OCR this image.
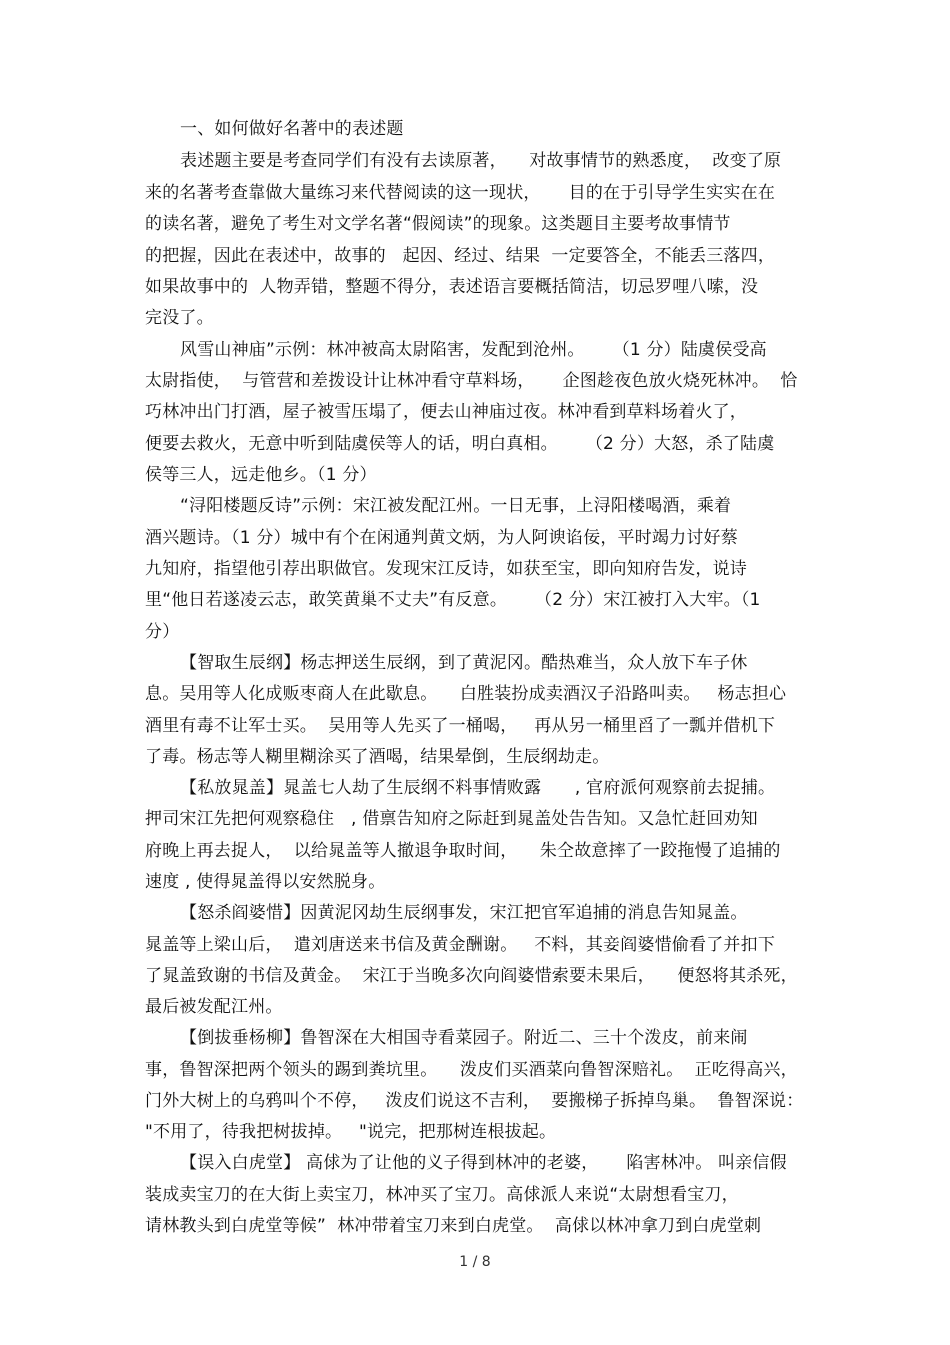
一、如何做好名著中的表述题
表述题主要是考查同学们有没有去读原著，    对故事情节的熟悉度，  改变了原
来的名著考查靠做大量练习来代替阅读的这一现状，     目的在于引导学生实实在在
的读名著，避免了考生对文学名著“假阅读”的现象。这类题目主要考故事情节
的把握，因此在表述中，故事的   起因、经过、结果  一定要答全，不能丢三落四，
如果故事中的  人物弄错，整题不得分，表述语言要概括简洁，切忌罗哩八嗦，没
完没了。
风雪山神庙”示例：林冲被高太尉陷害，发配到沧州。     （1 分）陆虞侯受高
太尉指使，  与管营和差拨设计让林冲看守草料场，     企图趁夜色放火烧死林冲。  恰
巧林冲出门打酒，屋子被雪压塌了，便去山神庙过夜。林冲看到草料场着火了，
便要去救火，无意中听到陆虞侯等人的话，明白真相。     （2 分）大怒，杀了陆虞
侯等三人，远走他乡。（1 分）
“浔阳楼题反诗”示例：宋江被发配江州。一日无事，上浔阳楼喝酒，乘着
酒兴题诗。（1 分）城中有个在闲通判黄文炳，为人阿谀谄佞，平时竭力讨好蔡
九知府，指望他引荐出职做官。发现宋江反诗，如获至宝，即向知府告发，说诗
里“他日若遂凌云志，敢笑黄巢不丈夫”有反意。     （2 分）宋江被打入大牢。（1
分）
【智取生辰纲】杨志押送生辰纲，到了黄泥冈。酷热难当，众人放下车子休
息。吴用等人化成贩枣商人在此歇息。    白胜装扮成卖酒汉子沿路叫卖。   杨志担心
酒里有毒不让军士买。  吴用等人先买了一桶喝，   再从另一桶里舀了一瓢并借机下
了毒。杨志等人糊里糊涂买了酒喝，结果晕倒，生辰纲劫走。
【私放晁盖】晁盖七人劫了生辰纲不料事情败露      , 官府派何观察前去捉捕。
押司宋江先把何观察稳住   , 借禀告知府之际赶到晁盖处告告知。又急忙赶回劝知
府晚上再去捉人，  以给晁盖等人撤退争取时间，    朱仝故意摔了一跤拖慢了追捕的
速度 , 使得晁盖得以安然脱身。
【怒杀阎婆惜】因黄泥冈劫生辰纲事发，宋江把官军追捕的消息告知晁盖。
晁盖等上梁山后，  遣刘唐送来书信及黄金酬谢。   不料，其妾阎婆惜偷看了并扣下
了晁盖致谢的书信及黄金。  宋江于当晚多次向阎婆惜索要未果后，    便怒将其杀死，
最后被发配江州。
【倒拔垂杨柳】鲁智深在大相国寺看菜园子。附近二、三十个泼皮，前来闹
事，鲁智深把两个领头的踢到粪坑里。    泼皮们买酒菜向鲁智深赔礼。  正吃得高兴，
门外大树上的乌鸦叫个不停，   泼皮们说这不吉利，  要搬梯子拆掉鸟巢。  鲁智深说：
"不用了，待我把树拔掉。   "说完，把那树连根拔起。
【误入白虎堂】 高俅为了让他的义子得到林冲的老婆，     陷害林冲。 叫亲信假
装成卖宝刀的在大街上卖宝刀，林冲买了宝刀。高俅派人来说“太尉想看宝刀，
请林教头到白虎堂等候”  林冲带着宝刀来到白虎堂。  高俅以林冲拿刀到白虎堂刺
1 / 8
